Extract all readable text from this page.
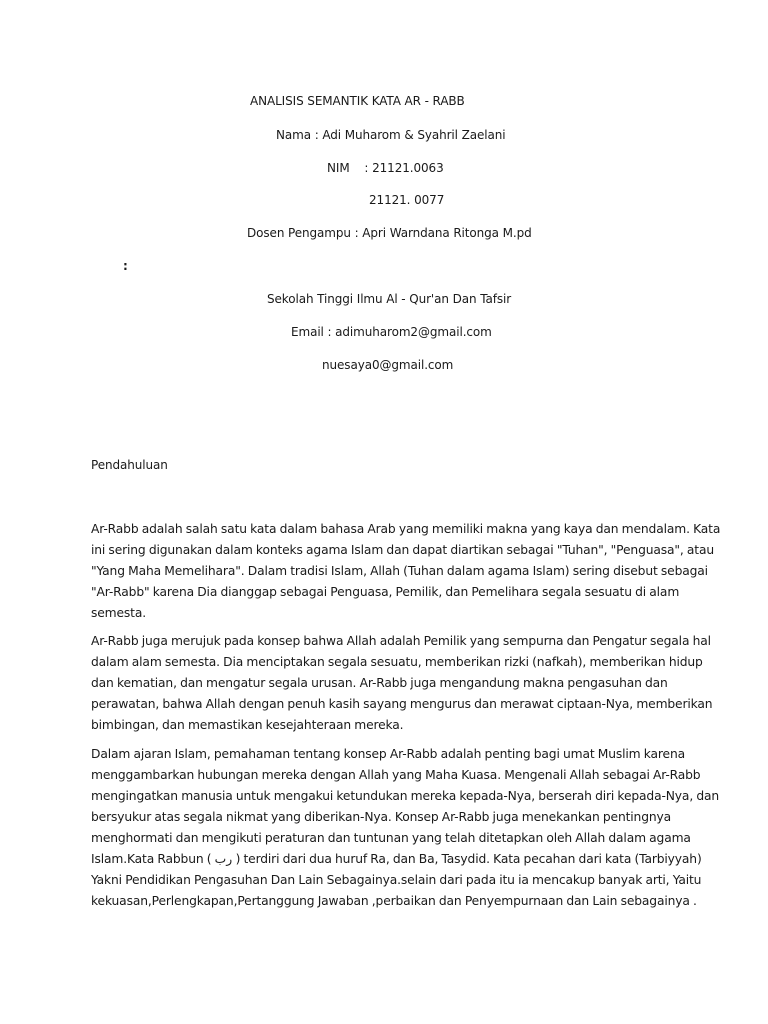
ANALISIS SEMANTIK KATA AR - RABB
Nama : Adi Muharom & Syahril Zaelani
NIM    : 21121.0063
21121. 0077
Dosen Pengampu : Apri Warndana Ritonga M.pd
:
Sekolah Tinggi Ilmu Al - Qur'an Dan Tafsir
Email : adimuharom2@gmail.com
nuesaya0@gmail.com
Pendahuluan
Ar-Rabb adalah salah satu kata dalam bahasa Arab yang memiliki makna yang kaya dan mendalam. Kata
ini sering digunakan dalam konteks agama Islam dan dapat diartikan sebagai "Tuhan", "Penguasa", atau
"Yang Maha Memelihara". Dalam tradisi Islam, Allah (Tuhan dalam agama Islam) sering disebut sebagai
"Ar-Rabb" karena Dia dianggap sebagai Penguasa, Pemilik, dan Pemelihara segala sesuatu di alam
semesta.
Ar-Rabb juga merujuk pada konsep bahwa Allah adalah Pemilik yang sempurna dan Pengatur segala hal
dalam alam semesta. Dia menciptakan segala sesuatu, memberikan rizki (nafkah), memberikan hidup
dan kematian, dan mengatur segala urusan. Ar-Rabb juga mengandung makna pengasuhan dan
perawatan, bahwa Allah dengan penuh kasih sayang mengurus dan merawat ciptaan-Nya, memberikan
bimbingan, dan memastikan kesejahteraan mereka.
Dalam ajaran Islam, pemahaman tentang konsep Ar-Rabb adalah penting bagi umat Muslim karena
menggambarkan hubungan mereka dengan Allah yang Maha Kuasa. Mengenali Allah sebagai Ar-Rabb
mengingatkan manusia untuk mengakui ketundukan mereka kepada-Nya, berserah diri kepada-Nya, dan
bersyukur atas segala nikmat yang diberikan-Nya. Konsep Ar-Rabb juga menekankan pentingnya
menghormati dan mengikuti peraturan dan tuntunan yang telah ditetapkan oleh Allah dalam agama
Islam.Kata Rabbun ( رب ) terdiri dari dua huruf Ra, dan Ba, Tasydid. Kata pecahan dari kata (Tarbiyyah)
Yakni Pendidikan Pengasuhan Dan Lain Sebagainya.selain dari pada itu ia mencakup banyak arti, Yaitu
kekuasan,Perlengkapan,Pertanggung Jawaban ,perbaikan dan Penyempurnaan dan Lain sebagainya .
